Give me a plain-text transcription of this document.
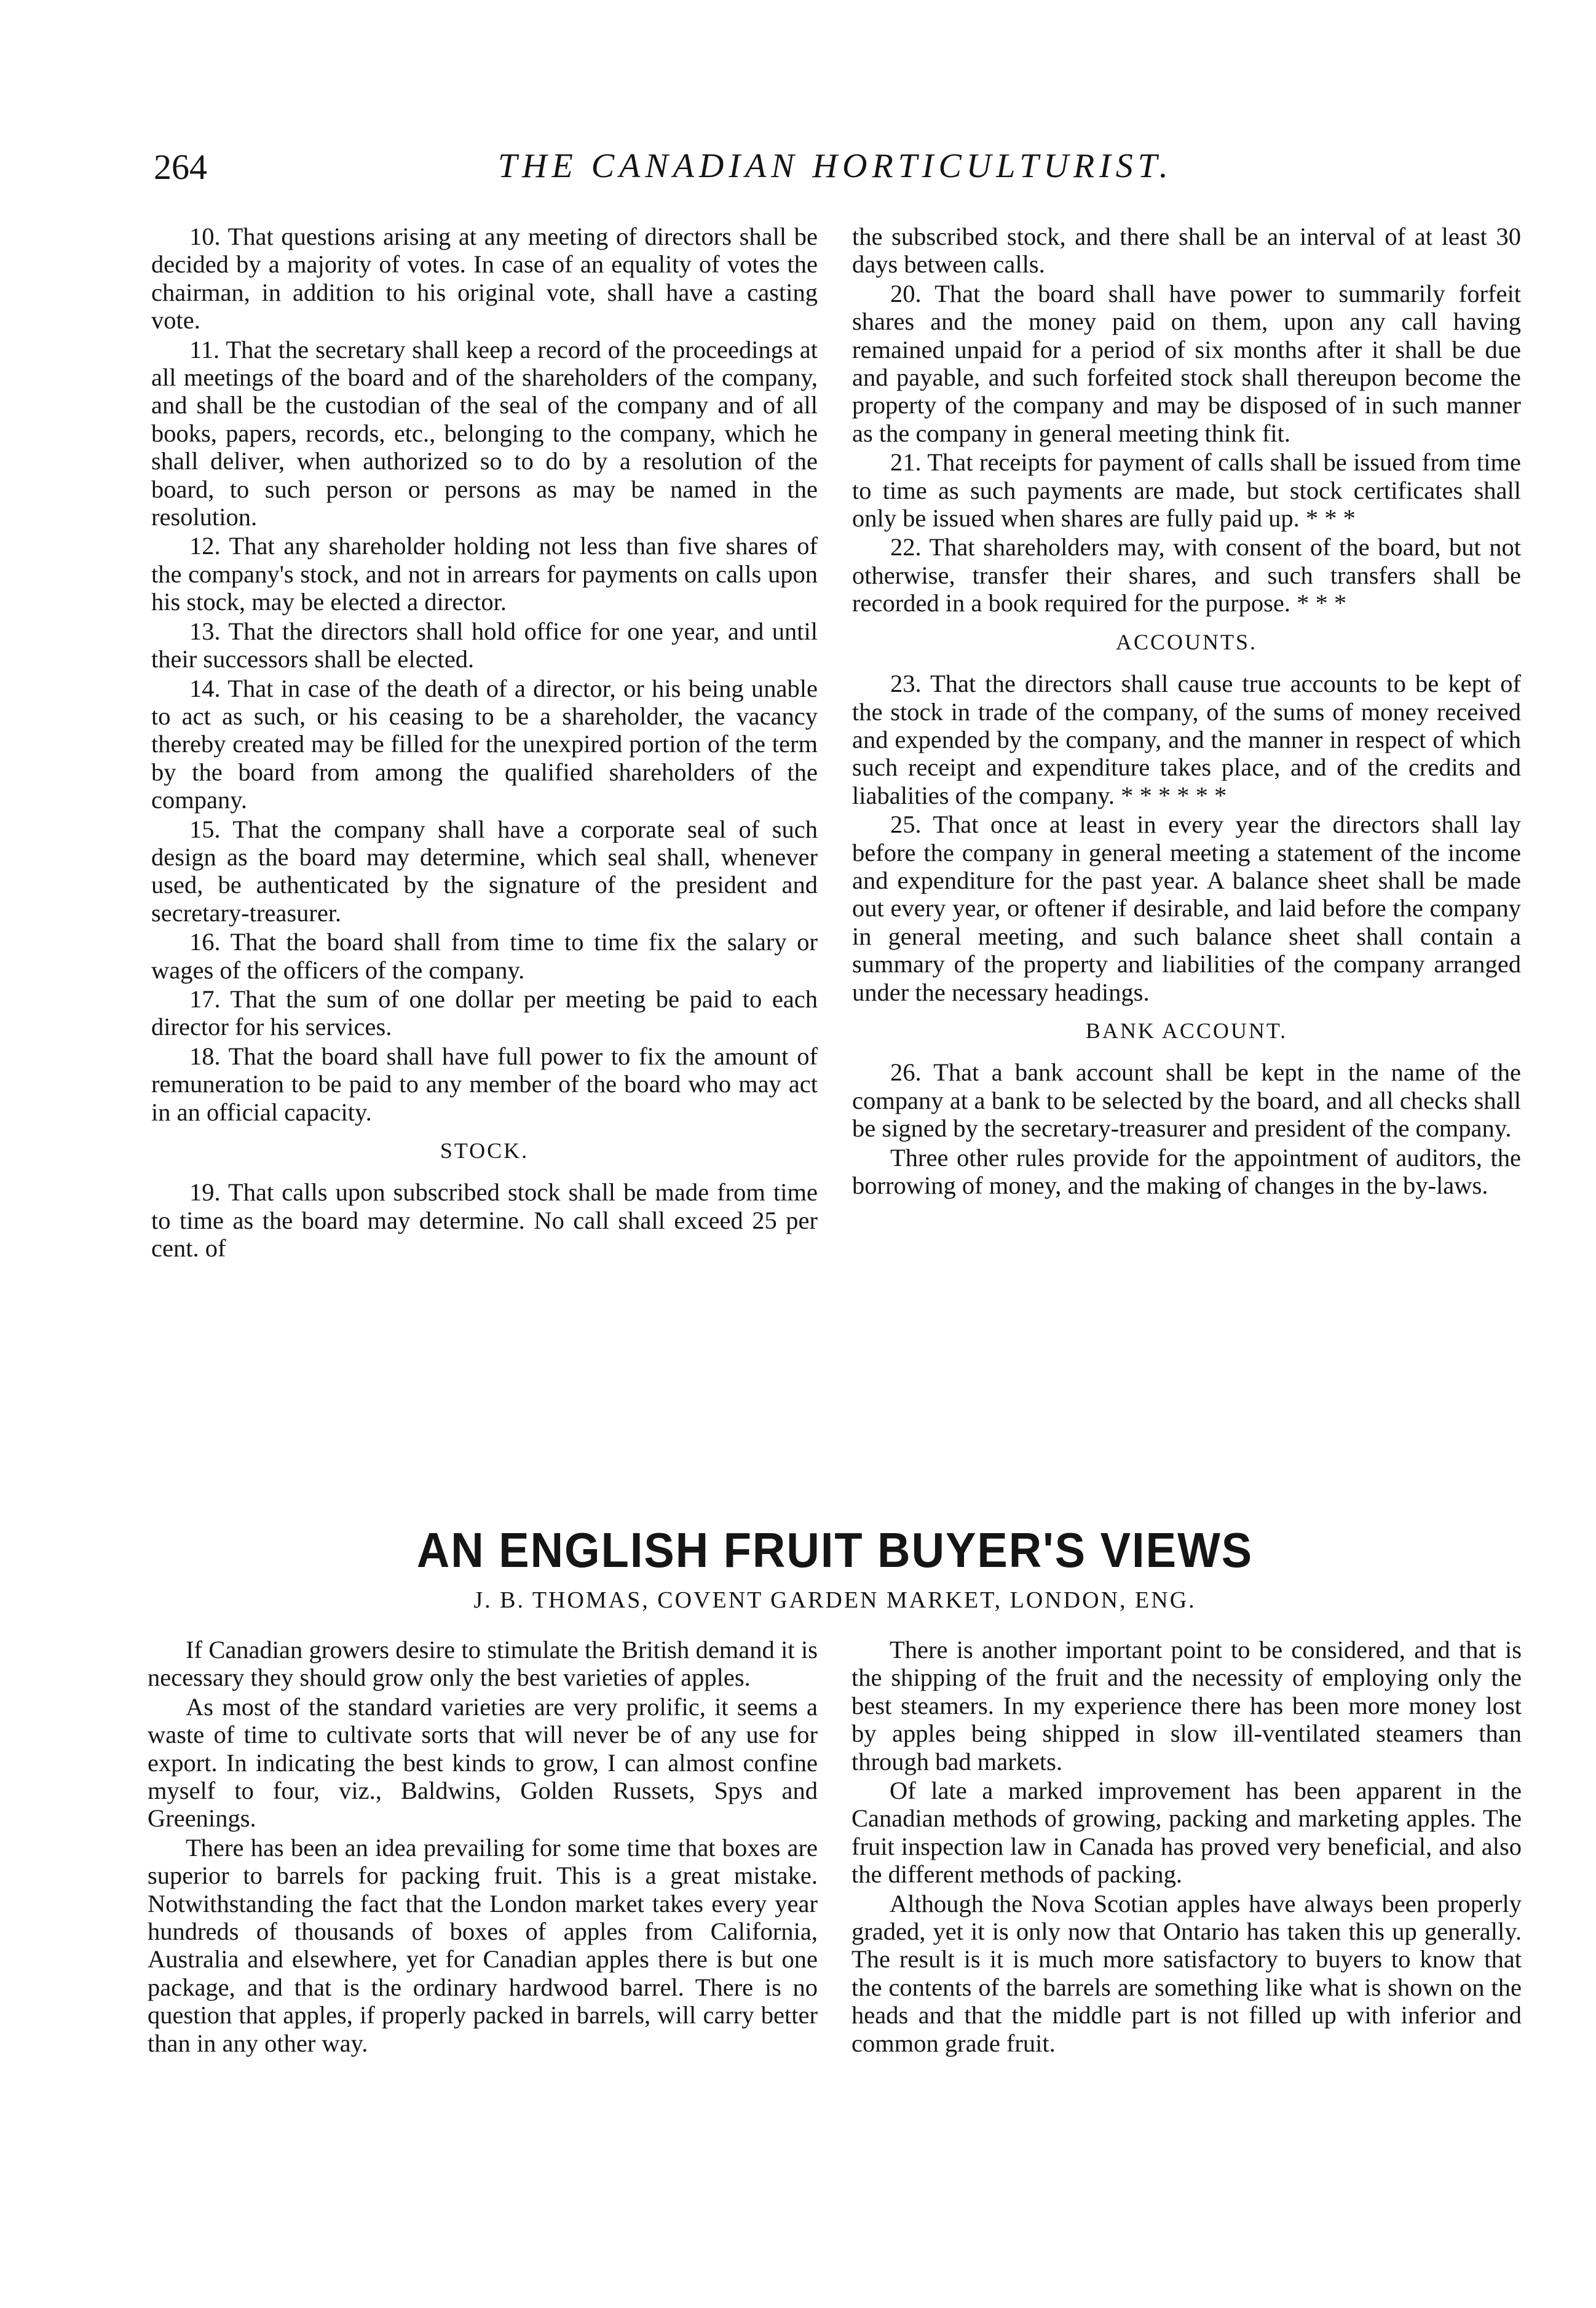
264	THE CANADIAN HORTICULTURIST.

10. That questions arising at any meeting of directors shall be decided by a majority of votes. In case of an equality of votes the chairman, in addition to his original vote, shall have a casting vote.

11. That the secretary shall keep a record of the proceedings at all meetings of the board and of the shareholders of the company, and shall be the custodian of the seal of the company and of all books, papers, records, etc., belonging to the company, which he shall deliver, when authorized so to do by a resolution of the board, to such person or persons as may be named in the resolution.

12. That any shareholder holding not less than five shares of the company's stock, and not in arrears for payments on calls upon his stock, may be elected a director.

13. That the directors shall hold office for one year, and until their successors shall be elected.

14. That in case of the death of a director, or his being unable to act as such, or his ceasing to be a shareholder, the vacancy thereby created may be filled for the unexpired portion of the term by the board from among the qualified shareholders of the company.

15. That the company shall have a corporate seal of such design as the board may determine, which seal shall, whenever used, be authenticated by the signature of the president and secretary-treasurer.

16. That the board shall from time to time fix the salary or wages of the officers of the company.

17. That the sum of one dollar per meeting be paid to each director for his services.

18. That the board shall have full power to fix the amount of remuneration to be paid to any member of the board who may act in an official capacity.

STOCK.

19. That calls upon subscribed stock shall be made from time to time as the board may determine. No call shall exceed 25 per cent. of

the subscribed stock, and there shall be an interval of at least 30 days between calls.

20. That the board shall have power to summarily forfeit shares and the money paid on them, upon any call having remained unpaid for a period of six months after it shall be due and payable, and such forfeited stock shall thereupon become the property of the company and may be disposed of in such manner as the company in general meeting think fit.

21. That receipts for payment of calls shall be issued from time to time as such payments are made, but stock certificates shall only be issued when shares are fully paid up. * * *

22. That shareholders may, with consent of the board, but not otherwise, transfer their shares, and such transfers shall be recorded in a book required for the purpose. * * *

ACCOUNTS.

23. That the directors shall cause true accounts to be kept of the stock in trade of the company, of the sums of money received and expended by the company, and the manner in respect of which such receipt and expenditure takes place, and of the credits and liabalities of the company. * * * * * *

25. That once at least in every year the directors shall lay before the company in general meeting a statement of the income and expenditure for the past year. A balance sheet shall be made out every year, or oftener if desirable, and laid before the company in general meeting, and such balance sheet shall contain a summary of the property and liabilities of the company arranged under the necessary headings.

BANK ACCOUNT.

26. That a bank account shall be kept in the name of the company at a bank to be selected by the board, and all checks shall be signed by the secretary-treasurer and president of the company.

Three other rules provide for the appointment of auditors, the borrowing of money, and the making of changes in the by-laws.

AN ENGLISH FRUIT BUYER'S VIEWS
J. B. THOMAS, COVENT GARDEN MARKET, LONDON, ENG.

If Canadian growers desire to stimulate the British demand it is necessary they should grow only the best varieties of apples.

As most of the standard varieties are very prolific, it seems a waste of time to cultivate sorts that will never be of any use for export. In indicating the best kinds to grow, I can almost confine myself to four, viz., Baldwins, Golden Russets, Spys and Greenings.

There has been an idea prevailing for some time that boxes are superior to barrels for packing fruit. This is a great mistake. Notwithstanding the fact that the London market takes every year hundreds of thousands of boxes of apples from California, Australia and elsewhere, yet for Canadian apples there is but one package, and that is the ordinary hardwood barrel. There is no question that apples, if properly packed in barrels, will carry better than in any other way.

There is another important point to be considered, and that is the shipping of the fruit and the necessity of employing only the best steamers. In my experience there has been more money lost by apples being shipped in slow ill-ventilated steamers than through bad markets.

Of late a marked improvement has been apparent in the Canadian methods of growing, packing and marketing apples. The fruit inspection law in Canada has proved very beneficial, and also the different methods of packing.

Although the Nova Scotian apples have always been properly graded, yet it is only now that Ontario has taken this up generally. The result is it is much more satisfactory to buyers to know that the contents of the barrels are something like what is shown on the heads and that the middle part is not filled up with inferior and common grade fruit.
